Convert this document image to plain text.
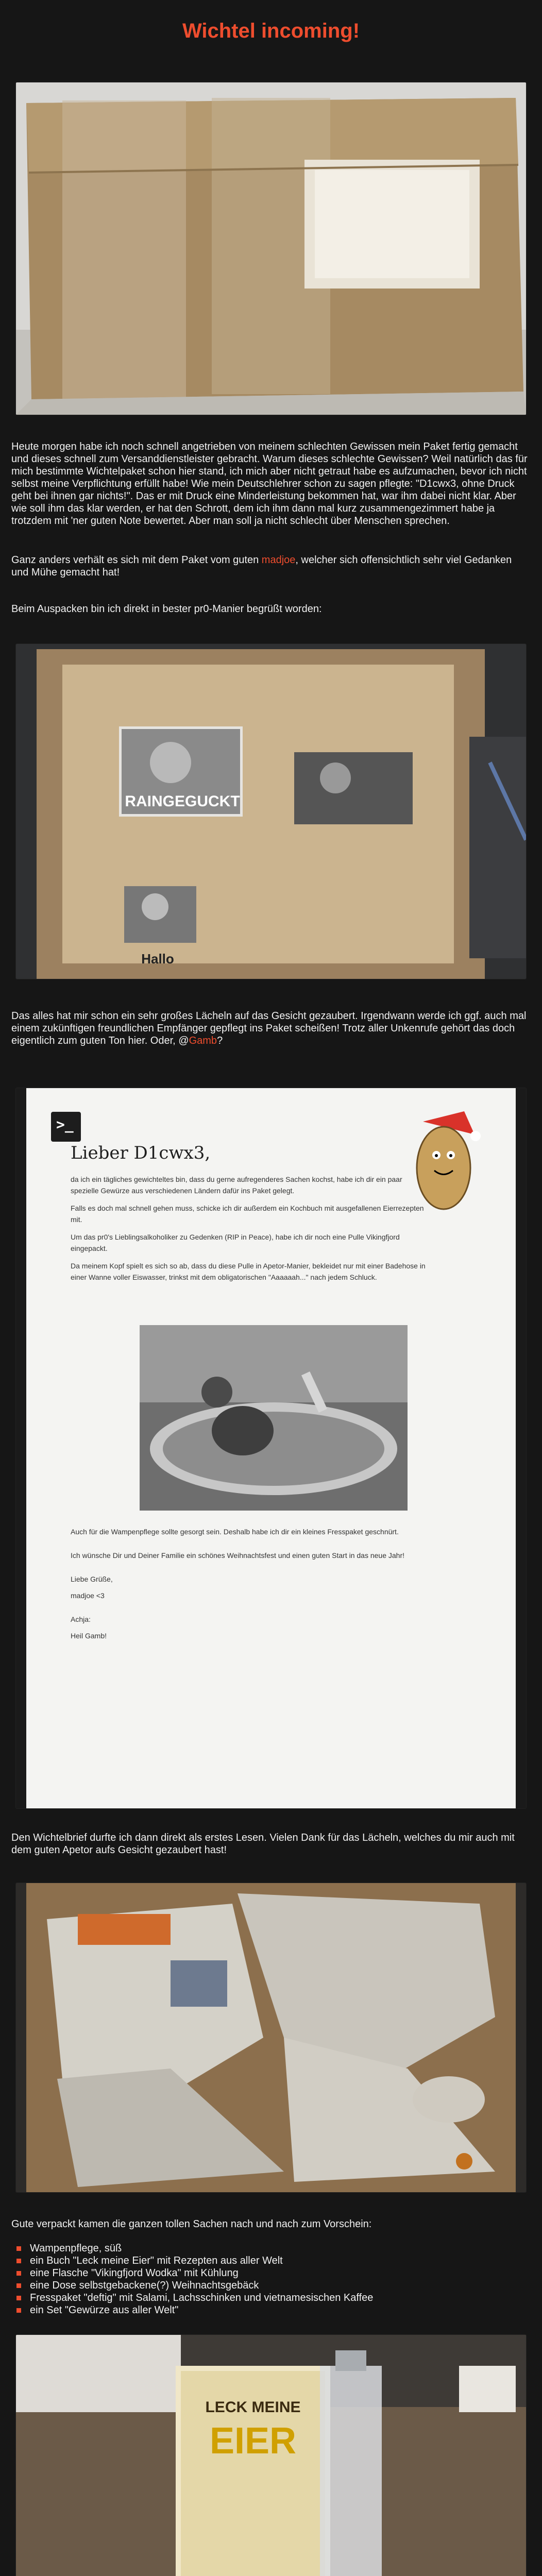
Wichtel incoming!

Heute morgen habe ich noch schnell angetrieben von meinem schlechten Gewissen mein Paket fertig gemacht und dieses schnell zum Versanddienstleister gebracht. Warum dieses schlechte Gewissen? Weil natürlich das für mich bestimmte Wichtelpaket schon hier stand, ich mich aber nicht getraut habe es aufzumachen, bevor ich nicht selbst meine Verpflichtung erfüllt habe! Wie mein Deutschlehrer schon zu sagen pflegte: "D1cwx3, ohne Druck geht bei ihnen gar nichts!". Das er mit Druck eine Minderleistung bekommen hat, war ihm dabei nicht klar. Aber wie soll ihm das klar werden, er hat den Schrott, dem ich ihm dann mal kurz zusammengezimmert habe ja trotzdem mit 'ner guten Note bewertet. Aber man soll ja nicht schlecht über Menschen sprechen.

Ganz anders verhält es sich mit dem Paket vom guten madjoe, welcher sich offensichtlich sehr viel Gedanken und Mühe gemacht hat!

Beim Auspacken bin ich direkt in bester pr0-Manier begrüßt worden:

RAINGEGUCKT
Hallo

Das alles hat mir schon ein sehr großes Lächeln auf das Gesicht gezaubert. Irgendwann werde ich ggf. auch mal einem zukünftigen freundlichen Empfänger gepflegt ins Paket scheißen! Trotz aller Unkenrufe gehört das doch eigentlich zum guten Ton hier. Oder, @Gamb?

>_
Lieber D1cwx3,

da ich ein tägliches gewichteltes bin, dass du gerne aufregenderes Sachen kochst, habe ich dir ein paar spezielle Gewürze aus verschiedenen Ländern dafür ins Paket gelegt.

Falls es doch mal schnell gehen muss, schicke ich dir außerdem ein Kochbuch mit ausgefallenen Eierrezepten mit.

Um das pr0's Lieblingsalkoholiker zu Gedenken (RIP in Peace), habe ich dir noch eine Pulle Vikingfjord eingepackt.

Da meinem Kopf spielt es sich so ab, dass du diese Pulle in Apetor-Manier, bekleidet nur mit einer Badehose in einer Wanne voller Eiswasser, trinkst mit dem obligatorischen "Aaaaaah..." nach jedem Schluck.

Auch für die Wampenpflege sollte gesorgt sein. Deshalb habe ich dir ein kleines Fresspaket geschnürt.

Ich wünsche Dir und Deiner Familie ein schönes Weihnachtsfest und einen guten Start in das neue Jahr!

Liebe Grüße,

madjoe <3

Achja:

Heil Gamb!

Den Wichtelbrief durfte ich dann direkt als erstes Lesen. Vielen Dank für das Lächeln, welches du mir auch mit dem guten Apetor aufs Gesicht gezaubert hast!

Gute verpackt kamen die ganzen tollen Sachen nach und nach zum Vorschein:

Wampenpflege, süß
ein Buch "Leck meine Eier" mit Rezepten aus aller Welt
eine Flasche "Vikingfjord Wodka" mit Kühlung
eine Dose selbstgebackene(?) Weihnachtsgebäck
Fresspaket "deftig" mit Salami, Lachsschinken und vietnamesischen Kaffee
ein Set "Gewürze aus aller Welt"
LECK MEINE
EIER
